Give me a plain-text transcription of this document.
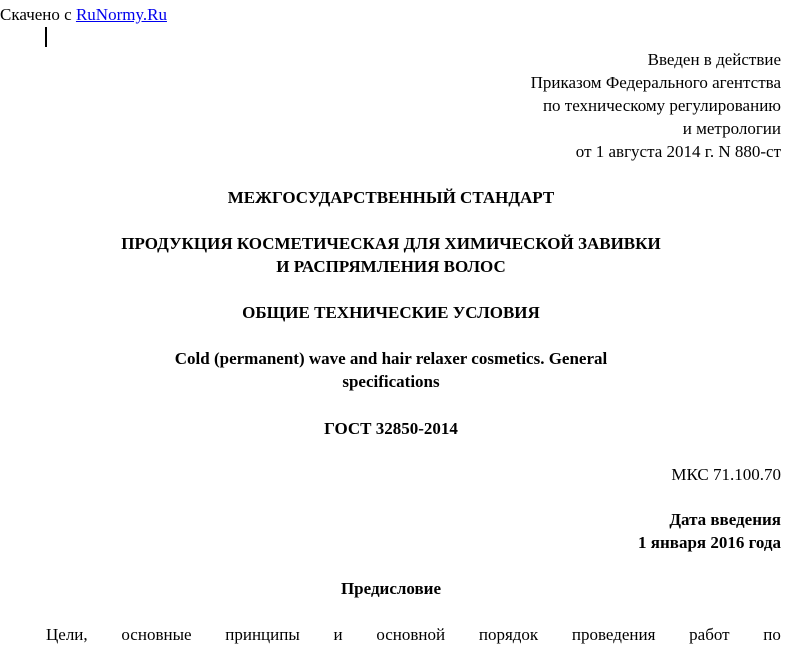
Скачено с RuNormy.Ru
Введен в действие
Приказом Федерального агентства
по техническому регулированию
и метрологии
от 1 августа 2014 г. N 880-ст
МЕЖГОСУДАРСТВЕННЫЙ СТАНДАРТ
ПРОДУКЦИЯ КОСМЕТИЧЕСКАЯ ДЛЯ ХИМИЧЕСКОЙ ЗАВИВКИ
И РАСПРЯМЛЕНИЯ ВОЛОС
ОБЩИЕ ТЕХНИЧЕСКИЕ УСЛОВИЯ
Cold (permanent) wave and hair relaxer cosmetics. General
specifications
ГОСТ 32850-2014
МКС 71.100.70
Дата введения
1 января 2016 года
Предисловие
Цели, основные принципы и основной порядок проведения работ по
